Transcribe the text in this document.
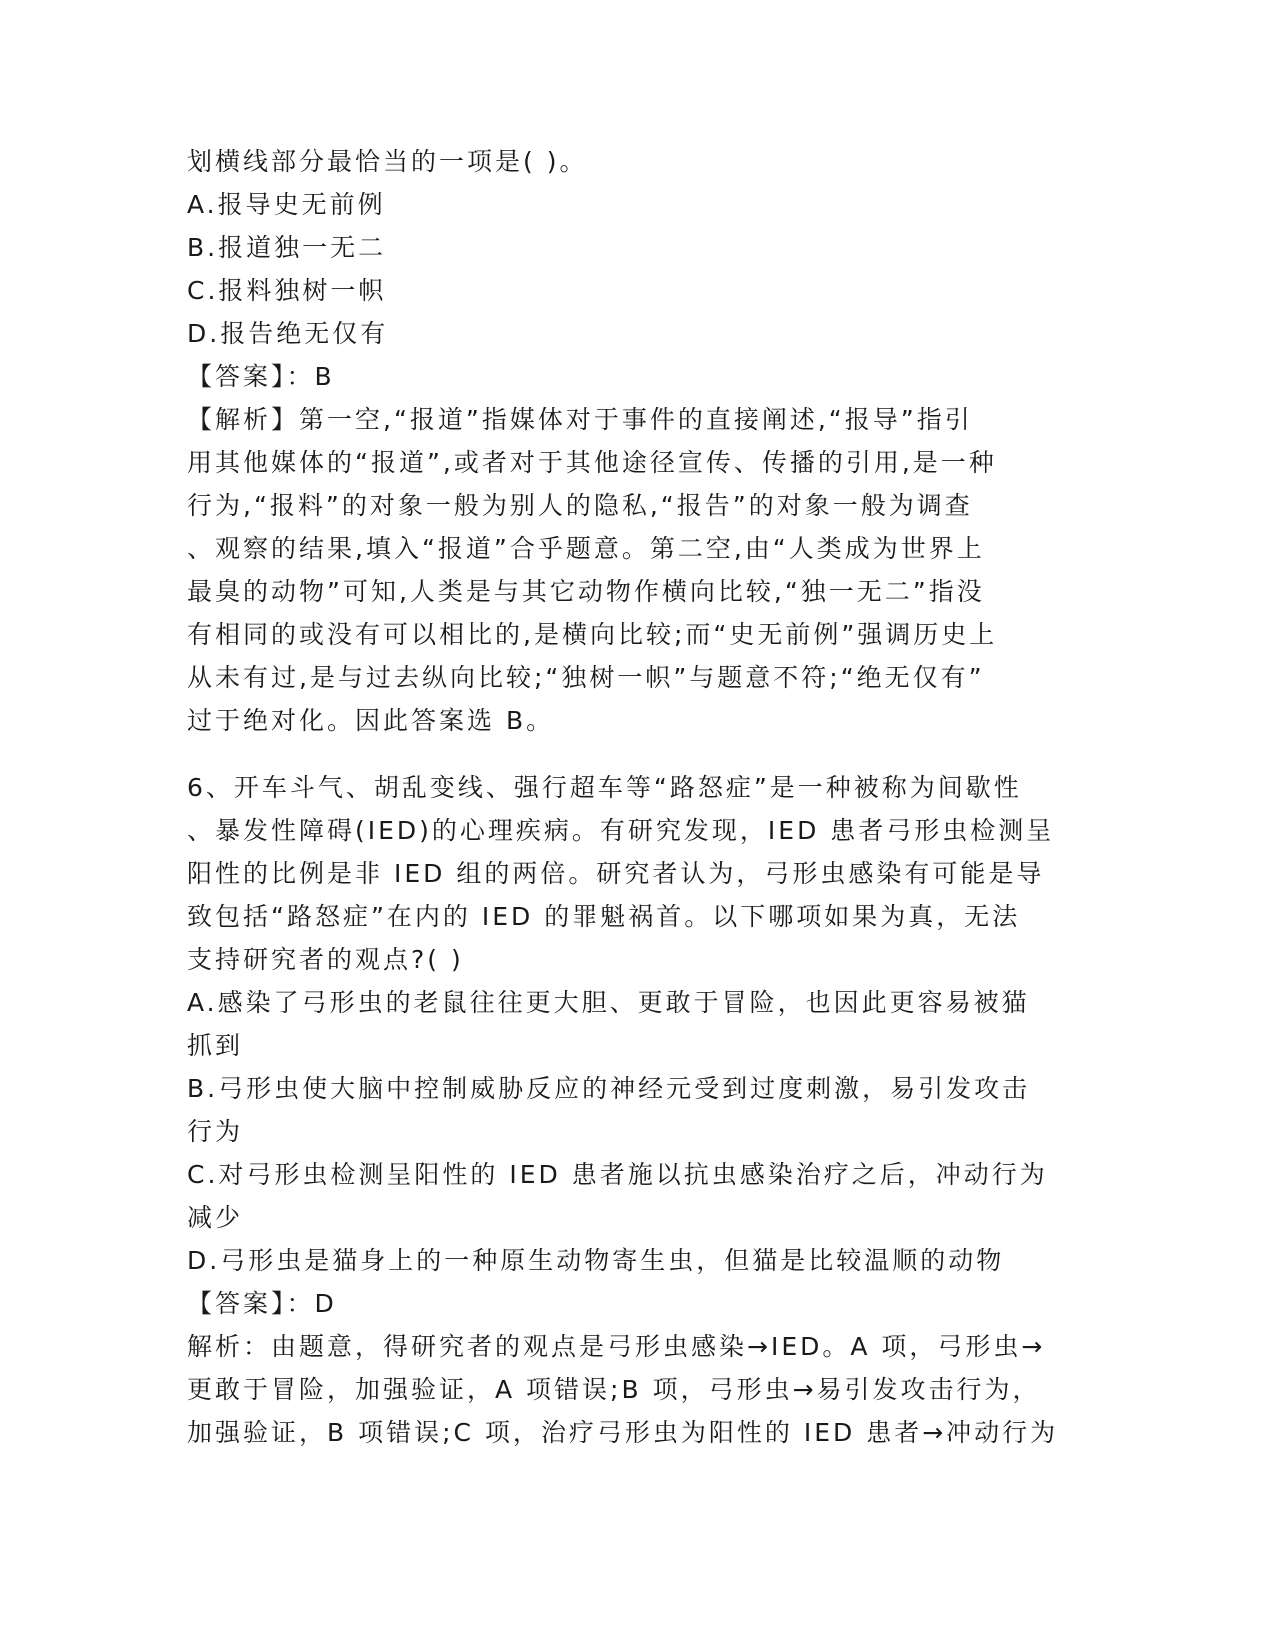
划横线部分最恰当的一项是( )。
A.报导史无前例
B.报道独一无二
C.报料独树一帜
D.报告绝无仅有
【答案】：B
【解析】第一空,“报道”指媒体对于事件的直接阐述,“报导”指引
用其他媒体的“报道”,或者对于其他途径宣传、传播的引用,是一种
行为,“报料”的对象一般为别人的隐私,“报告”的对象一般为调查
、观察的结果,填入“报道”合乎题意。第二空,由“人类成为世界上
最臭的动物”可知,人类是与其它动物作横向比较,“独一无二”指没
有相同的或没有可以相比的,是横向比较;而“史无前例”强调历史上
从未有过,是与过去纵向比较;“独树一帜”与题意不符;“绝无仅有”
过于绝对化。因此答案选 B。
6、开车斗气、胡乱变线、强行超车等“路怒症”是一种被称为间歇性
、暴发性障碍(IED)的心理疾病。有研究发现，IED 患者弓形虫检测呈
阳性的比例是非 IED 组的两倍。研究者认为，弓形虫感染有可能是导
致包括“路怒症”在内的 IED 的罪魁祸首。以下哪项如果为真，无法
支持研究者的观点?( )
A.感染了弓形虫的老鼠往往更大胆、更敢于冒险，也因此更容易被猫
抓到
B.弓形虫使大脑中控制威胁反应的神经元受到过度刺激，易引发攻击
行为
C.对弓形虫检测呈阳性的 IED 患者施以抗虫感染治疗之后，冲动行为
减少
D.弓形虫是猫身上的一种原生动物寄生虫，但猫是比较温顺的动物
【答案】：D
解析：由题意，得研究者的观点是弓形虫感染→IED。A 项，弓形虫→
更敢于冒险，加强验证，A 项错误;B 项，弓形虫→易引发攻击行为，
加强验证，B 项错误;C 项，治疗弓形虫为阳性的 IED 患者→冲动行为
